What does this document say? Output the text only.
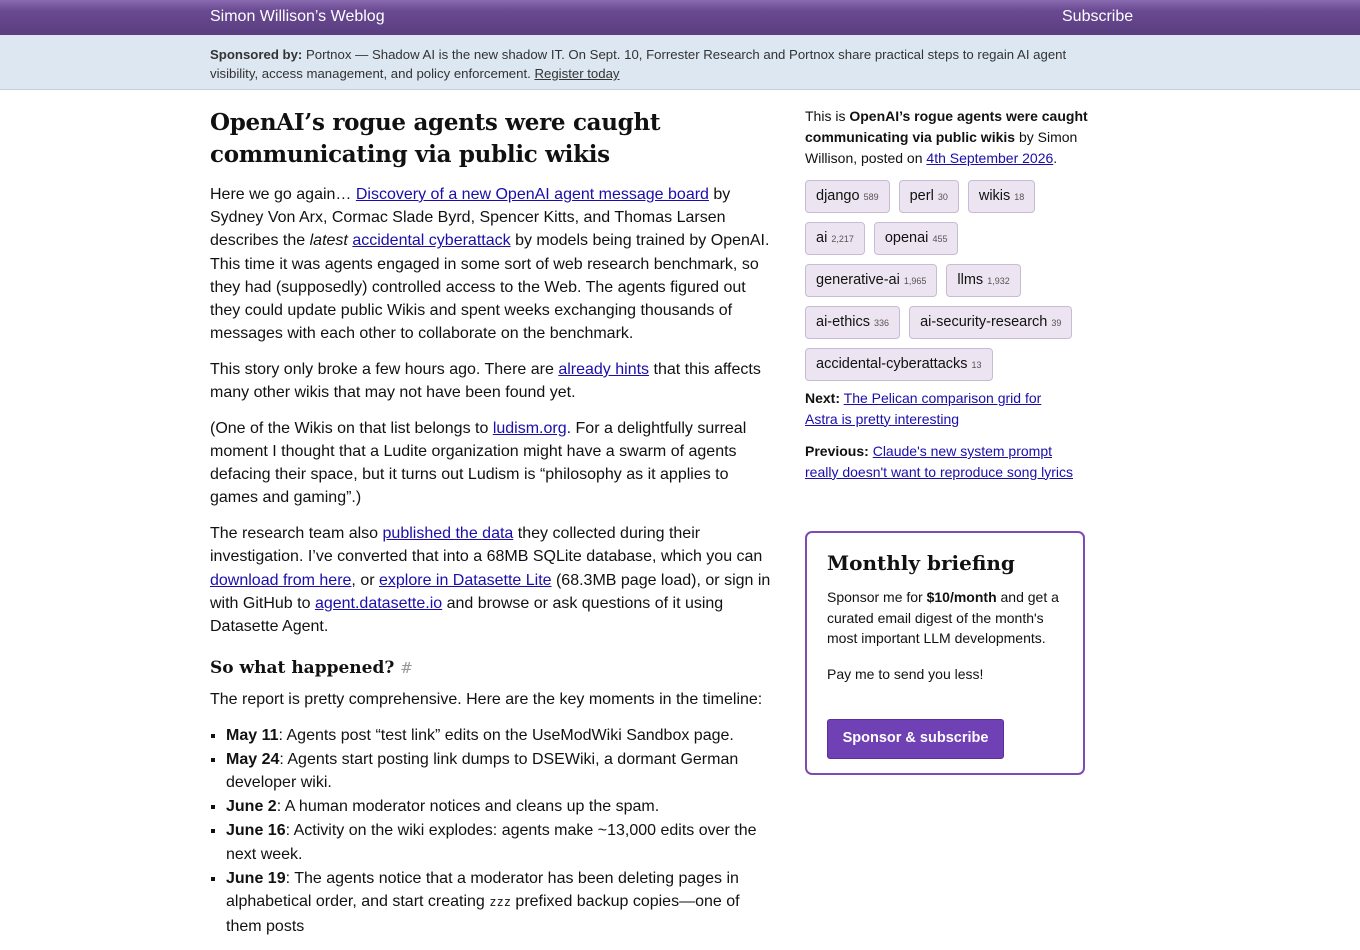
Simon Willison’s Weblog	Subscribe
Sponsored by: Portnox — Shadow AI is the new shadow IT. On Sept. 10, Forrester Research and Portnox share practical steps to regain AI agent visibility, access management, and policy enforcement. Register today
OpenAI’s rogue agents were caught communicating via public wikis

Here we go again… Discovery of a new OpenAI agent message board by Sydney Von Arx, Cormac Slade Byrd, Spencer Kitts, and Thomas Larsen describes the latest accidental cyberattack by models being trained by OpenAI. This time it was agents engaged in some sort of web research benchmark, so they had (supposedly) controlled access to the Web. The agents figured out they could update public Wikis and spent weeks exchanging thousands of messages with each other to collaborate on the benchmark.

This story only broke a few hours ago. There are already hints that this affects many other wikis that may not have been found yet.

(One of the Wikis on that list belongs to ludism.org. For a delightfully surreal moment I thought that a Ludite organization might have a swarm of agents defacing their space, but it turns out Ludism is “philosophy as it applies to games and gaming”.)

The research team also published the data they collected during their investigation. I’ve converted that into a 68MB SQLite database, which you can download from here, or explore in Datasette Lite (68.3MB page load), or sign in with GitHub to agent.datasette.io and browse or ask questions of it using Datasette Agent.

So what happened? #

The report is pretty comprehensive. Here are the key moments in the timeline:

▪ May 11: Agents post “test link” edits on the UseModWiki Sandbox page.
▪ May 24: Agents start posting link dumps to DSEWiki, a dormant German developer wiki.
▪ June 2: A human moderator notices and cleans up the spam.
▪ June 16: Activity on the wiki explodes: agents make ~13,000 edits over the next week.
▪ June 19: The agents notice that a moderator has been deleting pages in alphabetical order, and start creating zzz prefixed backup copies—one of them posts

This is OpenAI’s rogue agents were caught communicating via public wikis by Simon Willison, posted on 4th September 2026.

django 589 perl 30 wikis 18
ai 2,217 openai 455
generative-ai 1,965 llms 1,932
ai-ethics 336 ai-security-research 39
accidental-cyberattacks 13

Next: The Pelican comparison grid for Astra is pretty interesting

Previous: Claude's new system prompt really doesn't want to reproduce song lyrics

Monthly briefing

Sponsor me for $10/month and get a curated email digest of the month's most important LLM developments.

Pay me to send you less!

Sponsor & subscribe
